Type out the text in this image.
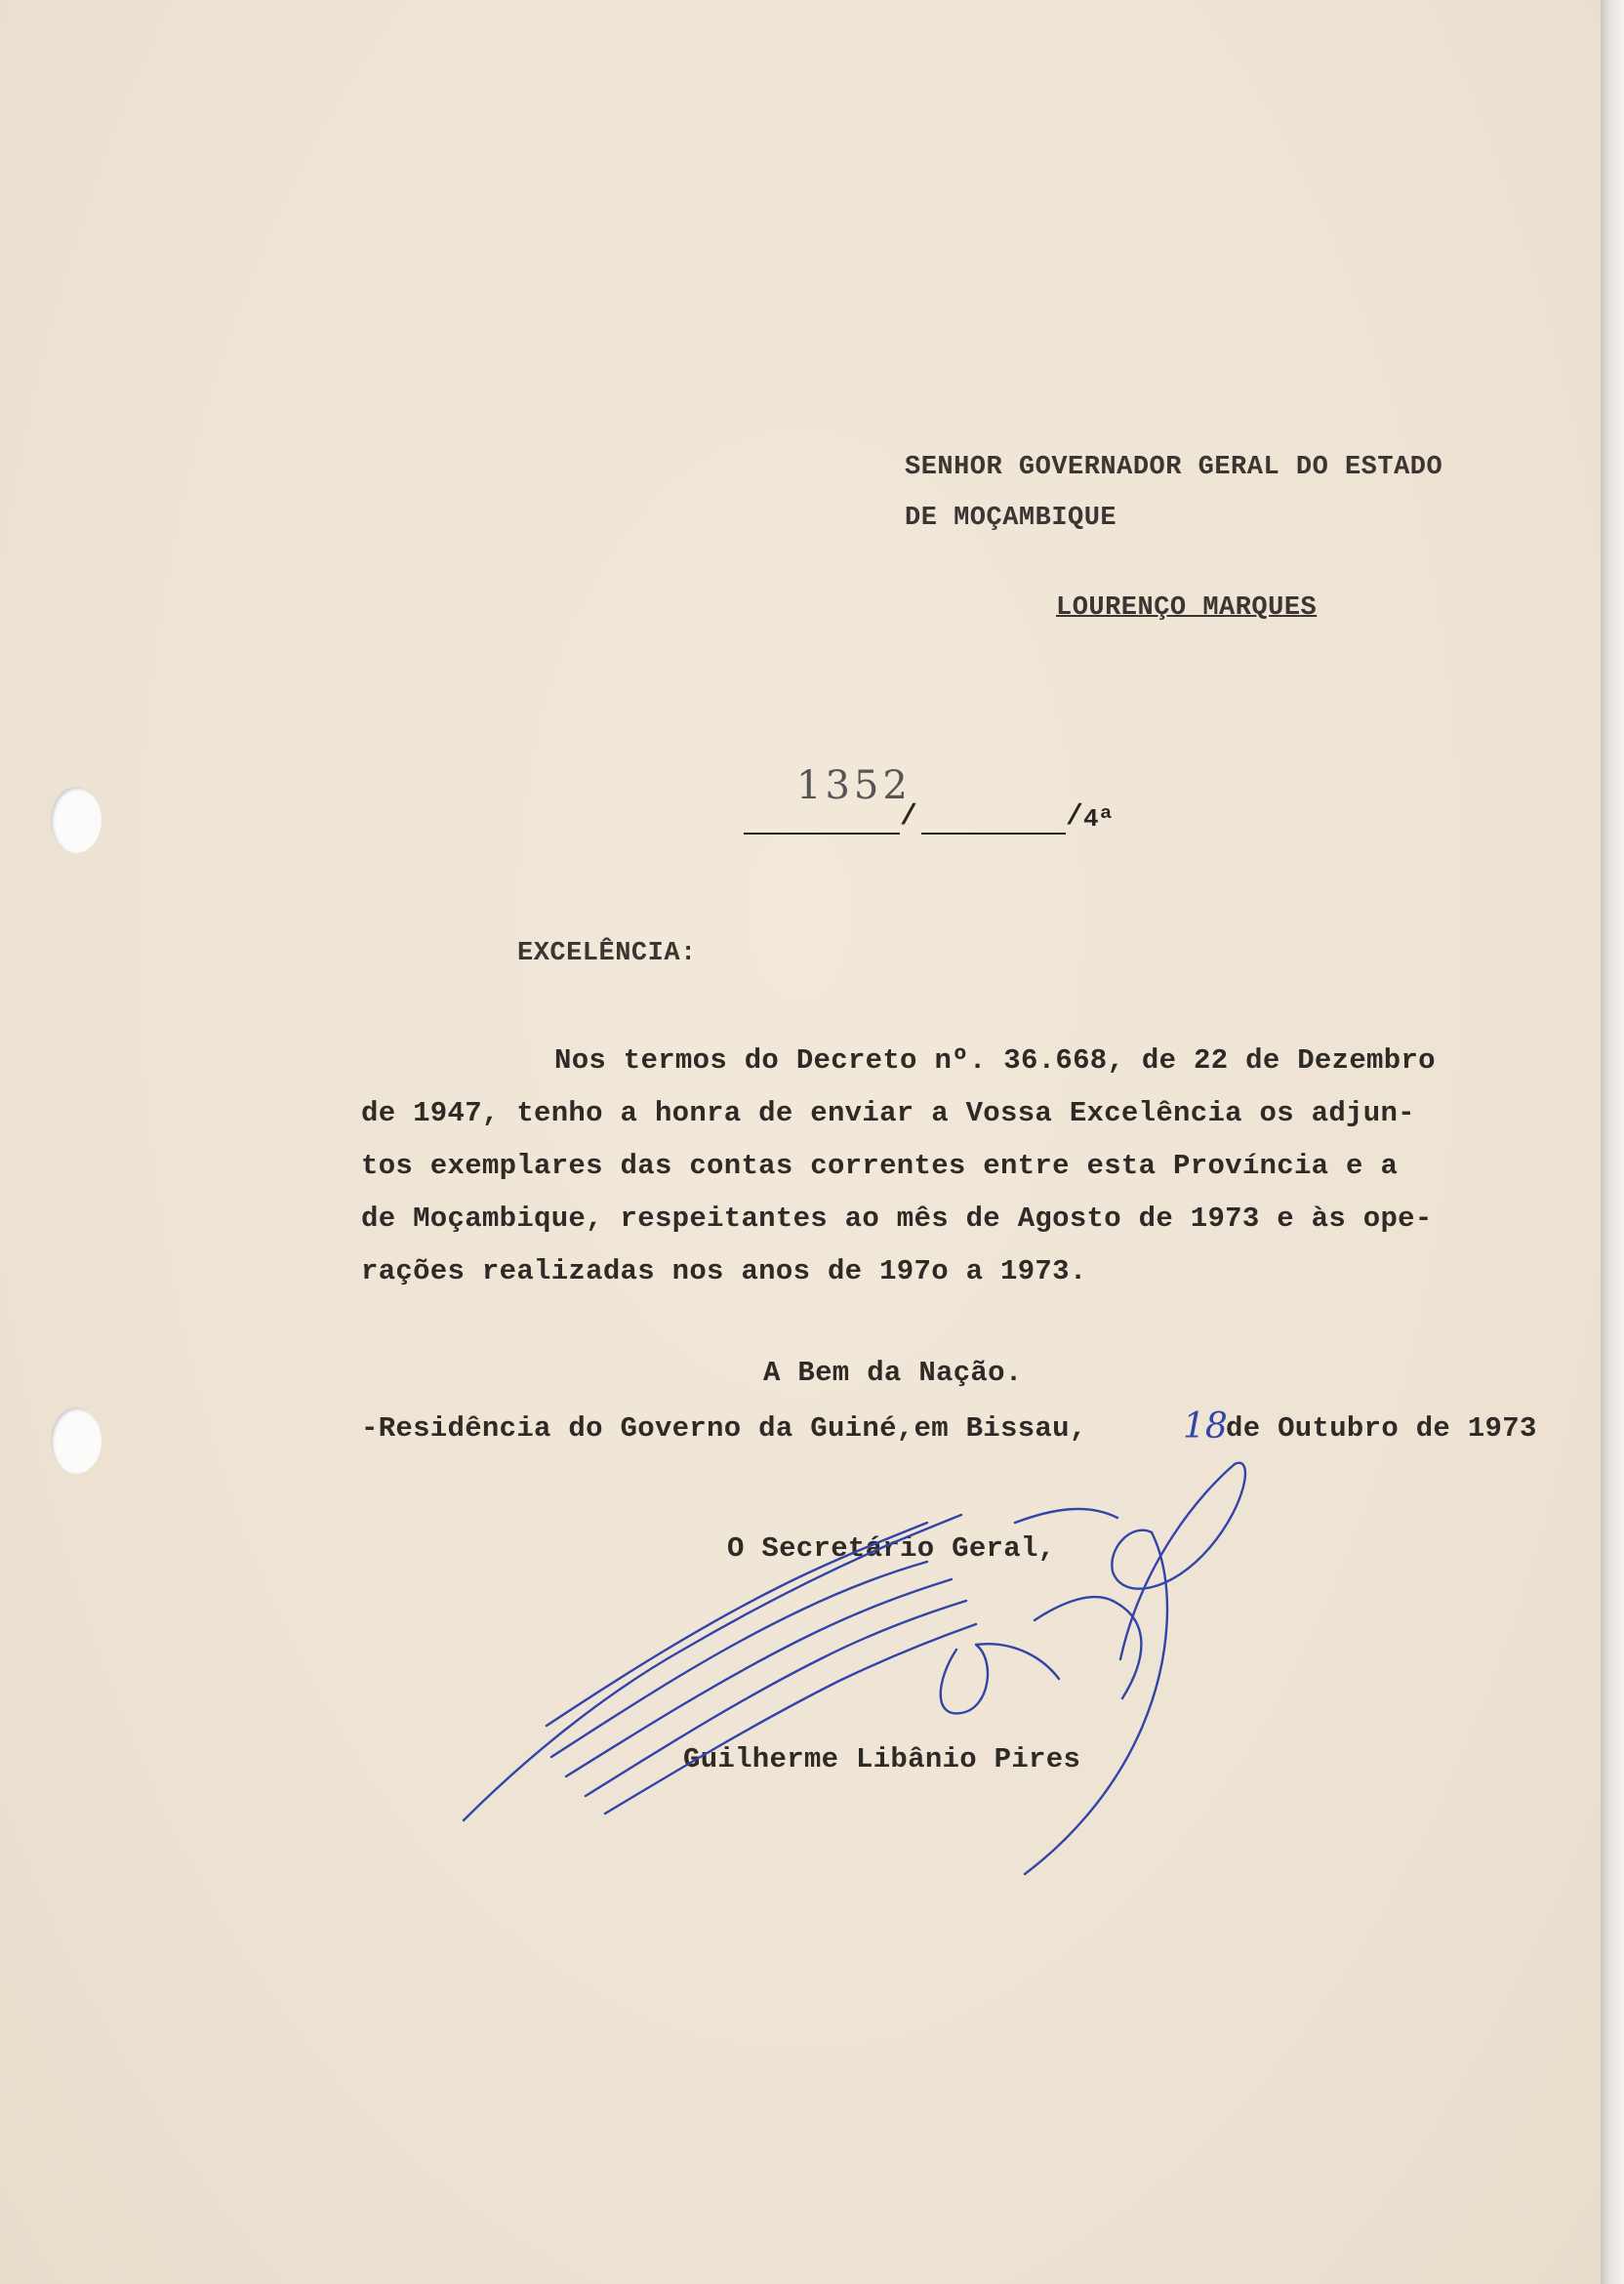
SENHOR GOVERNADOR GERAL DO ESTADO
DE MOÇAMBIQUE
LOURENÇO MARQUES
1352
/	/ 4ª
EXCELÊNCIA:
Nos termos do Decreto nº. 36.668, de 22 de Dezembro
de 1947, tenho a honra de enviar a Vossa Excelência os adjun-
tos exemplares das contas correntes entre esta Província e a
de Moçambique, respeitantes ao mês de Agosto de 1973 e às ope-
rações realizadas nos anos de 197o a 1973.
A Bem da Nação.
-Residência do Governo da Guiné,em Bissau,	18
de Outubro de 1973
O Secretário Geral,
Guilherme Libânio Pires
